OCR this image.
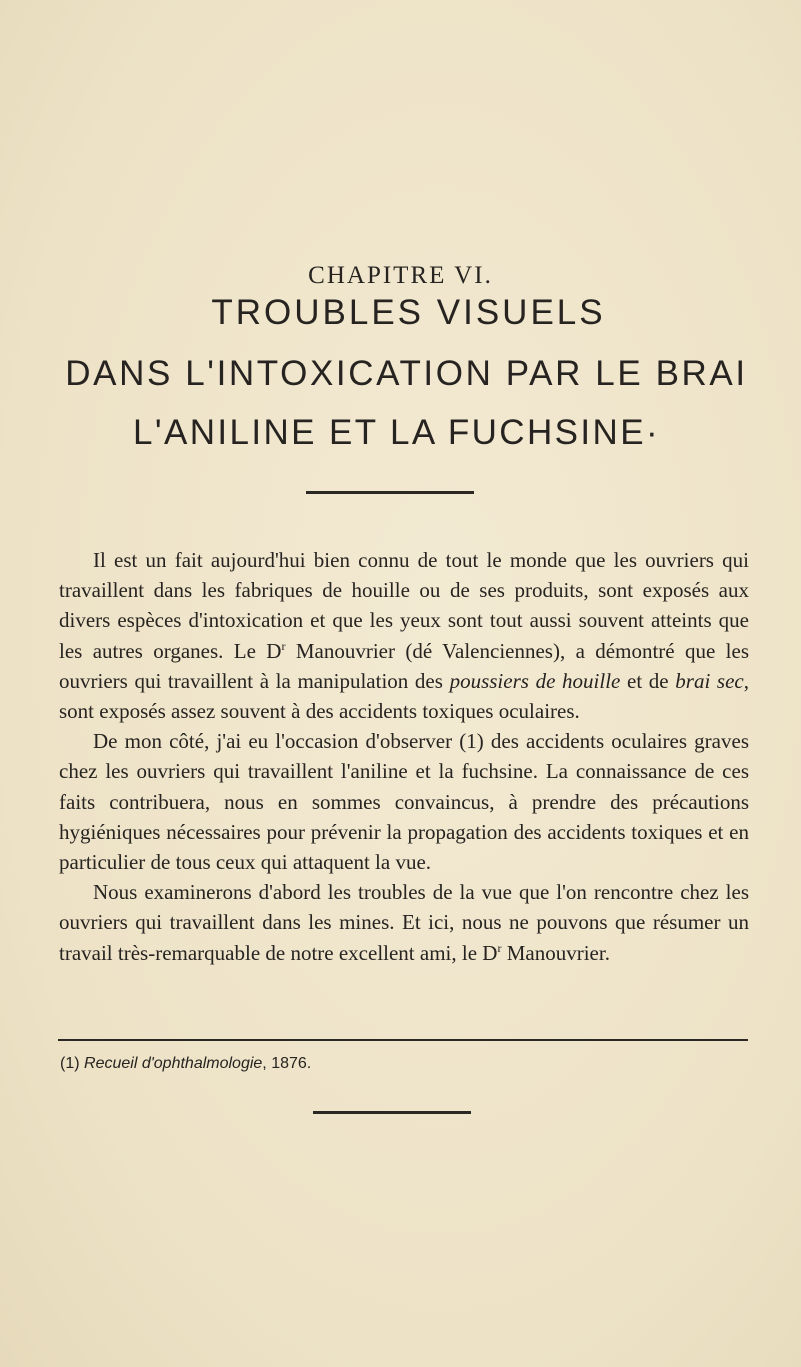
CHAPITRE VI.
TROUBLES VISUELS
DANS L'INTOXICATION PAR LE BRAI
L'ANILINE ET LA FUCHSINE·

Il est un fait aujourd'hui bien connu de tout le monde que les ouvriers qui travaillent dans les fabriques de houille ou de ses produits, sont exposés aux divers espèces d'intoxication et que les yeux sont tout aussi souvent atteints que les autres organes. Le $D^r$ Manouvrier (dé Valenciennes), a démontré que les ouvriers qui travaillent à la manipulation des poussiers de houille et de brai sec, sont exposés assez souvent à des accidents toxiques oculaires.

De mon côté, j'ai eu l'occasion d'observer (1) des accidents oculaires graves chez les ouvriers qui travaillent l'aniline et la fuchsine. La connaissance de ces faits contribuera, nous en sommes convaincus, à prendre des précautions hygiéniques nécessaires pour prévenir la propagation des accidents toxiques et en particulier de tous ceux qui attaquent la vue.

Nous examinerons d'abord les troubles de la vue que l'on rencontre chez les ouvriers qui travaillent dans les mines. Et ici, nous ne pouvons que résumer un travail très-remarquable de notre excellent ami, le $D^r$ Manouvrier.

(1) Recueil d'ophthalmologie, 1876.
